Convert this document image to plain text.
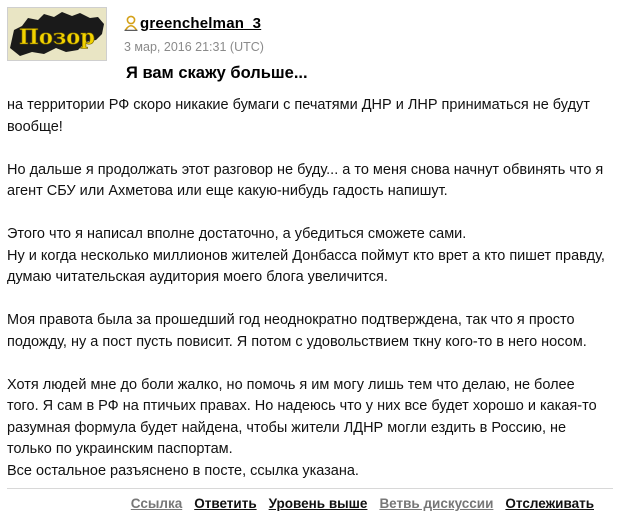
Позор
greenchelman_3
3 мар, 2016 21:31 (UTC)
Я вам скажу больше...

на территории РФ скоро никакие бумаги с печатями ДНР и ЛНР приниматься не будут вообще!

Но дальше я продолжать этот разговор не буду... а то меня снова начнут обвинять что я агент СБУ или Ахметова или еще какую-нибудь гадость напишут.

Этого что я написал вполне достаточно, а убедиться сможете сами.
Ну и когда несколько миллионов жителей Донбасса поймут кто врет а кто пишет правду, думаю читательская аудитория моего блога увеличится.

Моя правота была за прошедший год неоднократно подтверждена, так что я просто подожду, ну а пост пусть повисит. Я потом с удовольствием ткну кого-то в него носом.

Хотя людей мне до боли жалко, но помочь я им могу лишь тем что делаю, не более того. Я сам в РФ на птичьих правах. Но надеюсь что у них все будет хорошо и какая-то разумная формула будет найдена, чтобы жители ЛДНР могли ездить в Россию, не только по украинским паспортам.
Все остальное разъяснено в посте, ссылка указана.

Ссылка Ответить Уровень выше Ветвь дискуссии Отслеживать
